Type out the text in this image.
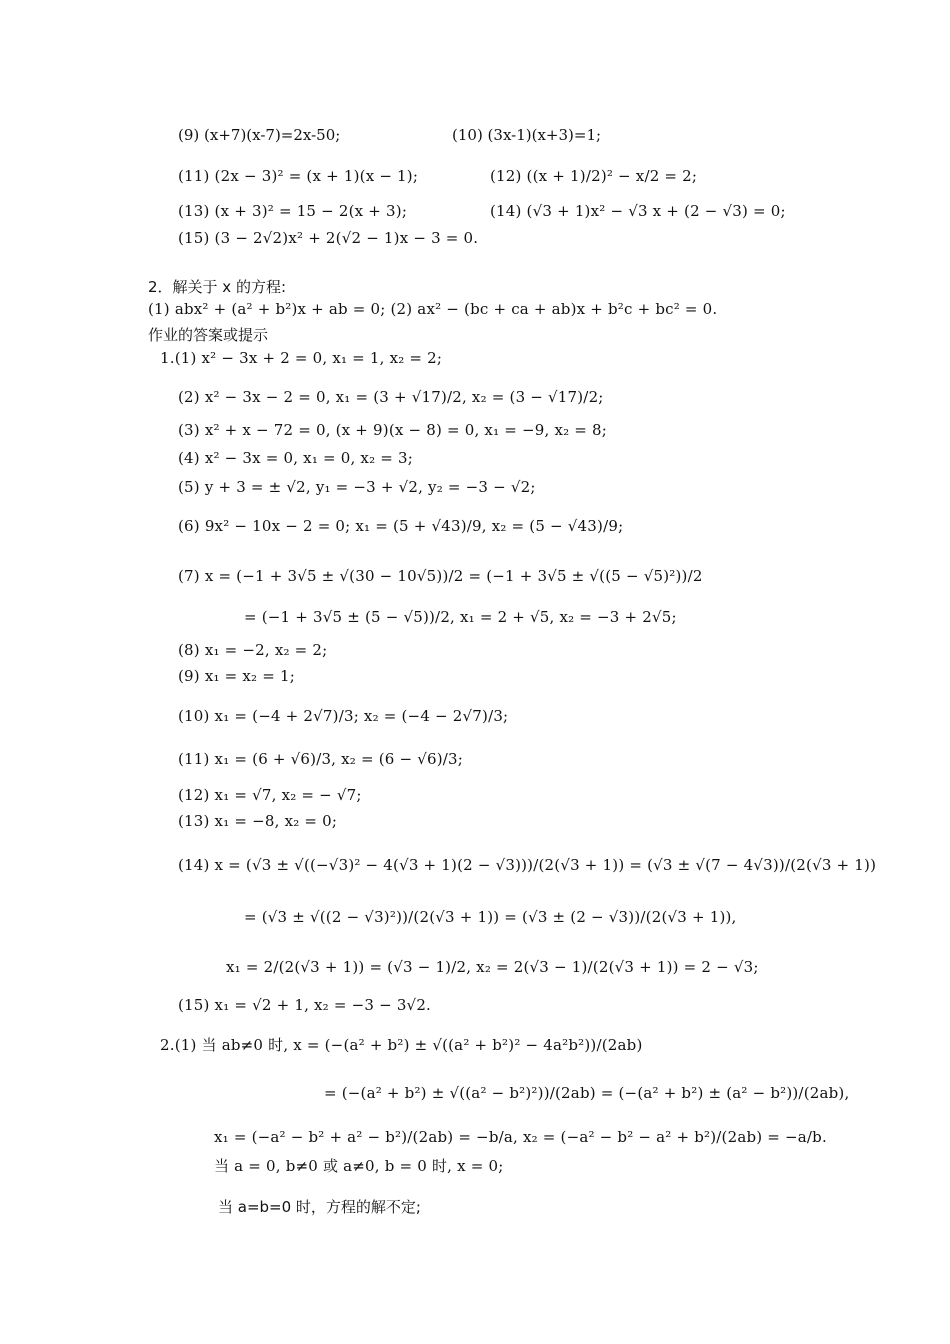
(9) (x+7)(x-7)=2x-50;	(10) (3x-1)(x+3)=1;
(11) (2x − 3)² = (x + 1)(x − 1);	(12) ((x + 1)/2)² − x/2 = 2;
(13) (x + 3)² = 15 − 2(x + 3);	(14) (√3 + 1)x² − √3 x + (2 − √3) = 0;
(15) (3 − 2√2)x² + 2(√2 − 1)x − 3 = 0.
2．解关于 x 的方程:
(1) abx² + (a² + b²)x + ab = 0; (2) ax² − (bc + ca + ab)x + b²c + bc² = 0.
作业的答案或提示
1.(1) x² − 3x + 2 = 0, x₁ = 1, x₂ = 2;
(2) x² − 3x − 2 = 0, x₁ = (3 + √17)/2, x₂ = (3 − √17)/2;
(3) x² + x − 72 = 0, (x + 9)(x − 8) = 0, x₁ = −9, x₂ = 8;
(4) x² − 3x = 0, x₁ = 0, x₂ = 3;
(5) y + 3 = ± √2, y₁ = −3 + √2, y₂ = −3 − √2;
(6) 9x² − 10x − 2 = 0; x₁ = (5 + √43)/9, x₂ = (5 − √43)/9;
(7) x = (−1 + 3√5 ± √(30 − 10√5))/2 = (−1 + 3√5 ± √((5 − √5)²))/2
= (−1 + 3√5 ± (5 − √5))/2, x₁ = 2 + √5, x₂ = −3 + 2√5;
(8) x₁ = −2, x₂ = 2;
(9) x₁ = x₂ = 1;
(10) x₁ = (−4 + 2√7)/3; x₂ = (−4 − 2√7)/3;
(11) x₁ = (6 + √6)/3, x₂ = (6 − √6)/3;
(12) x₁ = √7, x₂ = − √7;
(13) x₁ = −8, x₂ = 0;
(14) x = (√3 ± √((−√3)² − 4(√3 + 1)(2 − √3)))/(2(√3 + 1)) = (√3 ± √(7 − 4√3))/(2(√3 + 1))
= (√3 ± √((2 − √3)²))/(2(√3 + 1)) = (√3 ± (2 − √3))/(2(√3 + 1)),
x₁ = 2/(2(√3 + 1)) = (√3 − 1)/2, x₂ = 2(√3 − 1)/(2(√3 + 1)) = 2 − √3;
(15) x₁ = √2 + 1, x₂ = −3 − 3√2.
2.(1) 当 ab≠0 时, x = (−(a² + b²) ± √((a² + b²)² − 4a²b²))/(2ab)
= (−(a² + b²) ± √((a² − b²)²))/(2ab) = (−(a² + b²) ± (a² − b²))/(2ab),
x₁ = (−a² − b² + a² − b²)/(2ab) = −b/a, x₂ = (−a² − b² − a² + b²)/(2ab) = −a/b.
当 a = 0, b≠0 或 a≠0, b = 0 时, x = 0;
当 a=b=0 时，方程的解不定;
